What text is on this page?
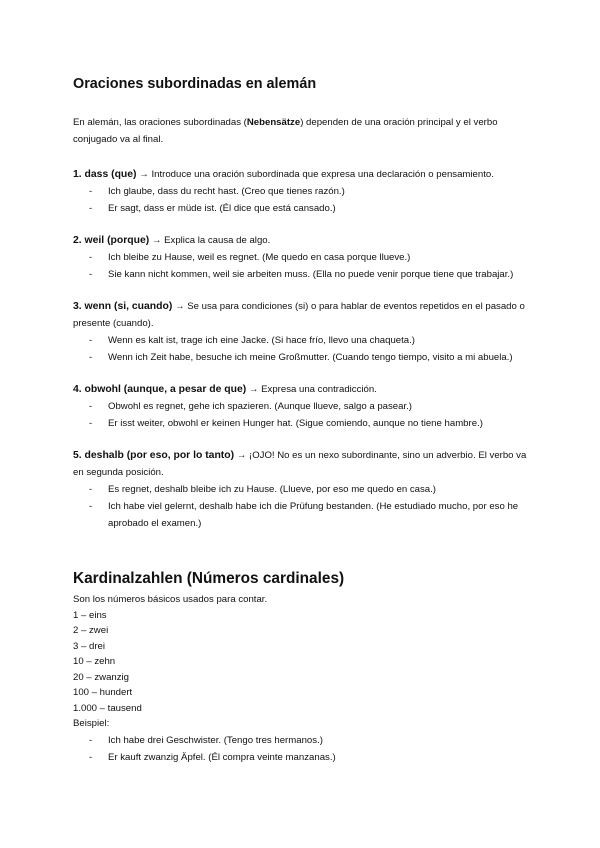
Oraciones subordinadas en alemán

En alemán, las oraciones subordinadas (Nebensätze) dependen de una oración principal y el verbo conjugado va al final.

1. dass (que) → Introduce una oración subordinada que expresa una declaración o pensamiento.

- Ich glaube, dass du recht hast. (Creo que tienes razón.)
- Er sagt, dass er müde ist. (Él dice que está cansado.)

2. weil (porque) → Explica la causa de algo.

- Ich bleibe zu Hause, weil es regnet. (Me quedo en casa porque llueve.)
- Sie kann nicht kommen, weil sie arbeiten muss. (Ella no puede venir porque tiene que trabajar.)

3. wenn (si, cuando) → Se usa para condiciones (si) o para hablar de eventos repetidos en el pasado o presente (cuando).

- Wenn es kalt ist, trage ich eine Jacke. (Si hace frío, llevo una chaqueta.)
- Wenn ich Zeit habe, besuche ich meine Großmutter. (Cuando tengo tiempo, visito a mi abuela.)

4. obwohl (aunque, a pesar de que) → Expresa una contradicción.

- Obwohl es regnet, gehe ich spazieren. (Aunque llueve, salgo a pasear.)
- Er isst weiter, obwohl er keinen Hunger hat. (Sigue comiendo, aunque no tiene hambre.)

5. deshalb (por eso, por lo tanto) → ¡OJO! No es un nexo subordinante, sino un adverbio. El verbo va en segunda posición.

- Es regnet, deshalb bleibe ich zu Hause. (Llueve, por eso me quedo en casa.)
- Ich habe viel gelernt, deshalb habe ich die Prüfung bestanden. (He estudiado mucho, por eso he aprobado el examen.)
Kardinalzahlen (Números cardinales)

Son los números básicos usados para contar.

1 – eins

2 – zwei

3 – drei

10 – zehn

20 – zwanzig

100 – hundert

1.000 – tausend

Beispiel:

- Ich habe drei Geschwister. (Tengo tres hermanos.)
- Er kauft zwanzig Äpfel. (Él compra veinte manzanas.)
